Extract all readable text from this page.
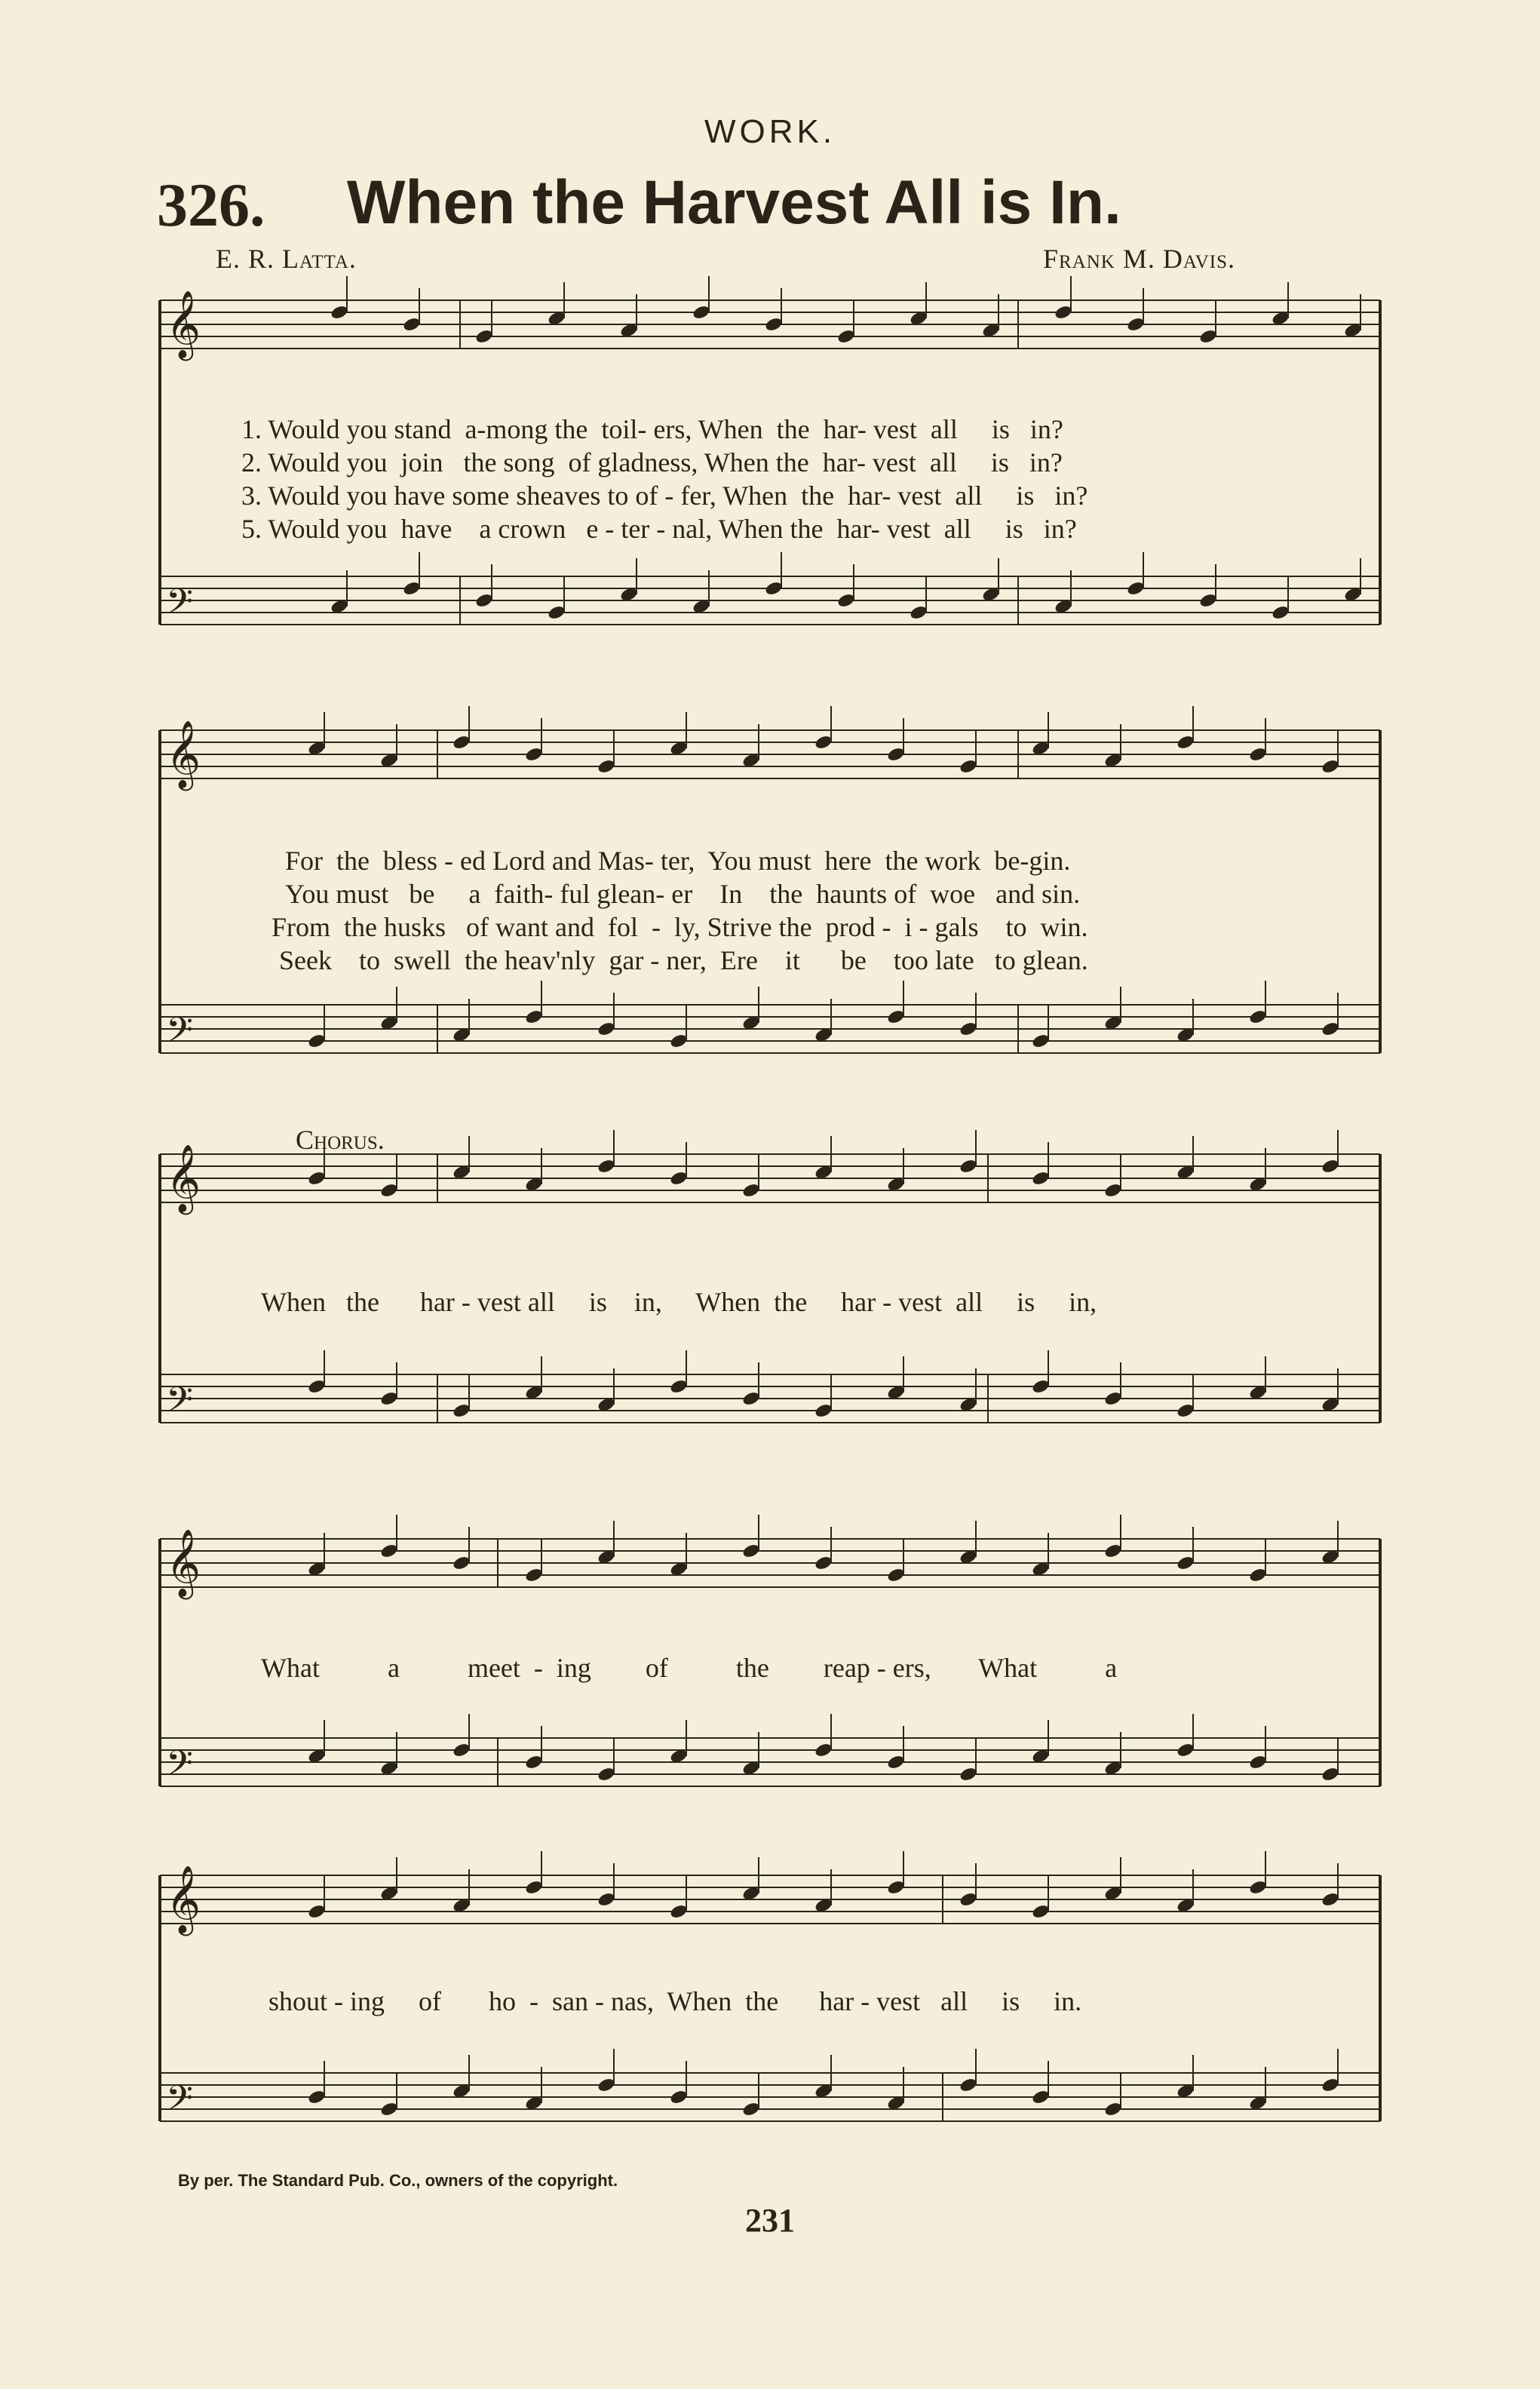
WORK.
326. When the Harvest All is In.
E. R. Latta.	Frank M. Davis.
𝄞
𝄢
𝄞
𝄢
𝄞
𝄢
𝄞
𝄢
𝄞
𝄢
1. Would you stand  a-mong the  toil- ers, When  the  har- vest  all     is   in?
2. Would you  join   the song  of gladness, When the  har- vest  all     is   in?
3. Would you have some sheaves to of - fer, When  the  har- vest  all     is   in?
5. Would you  have    a crown   e - ter - nal, When the  har- vest  all     is   in?
For  the  bless - ed Lord and Mas- ter,  You must  here  the work  be-gin.
You must   be     a  faith- ful glean- er    In    the  haunts of  woe   and sin.
From  the husks   of want and  fol  -  ly, Strive the  prod -  i - gals    to  win.
Seek    to  swell  the heav'nly  gar - ner,  Ere    it      be    too late   to glean.
Chorus.
When   the      har - vest all     is    in,     When  the     har - vest  all     is     in,
What          a          meet  -  ing        of          the        reap - ers,       What          a
shout - ing     of       ho  -  san - nas,  When  the      har - vest   all     is     in.
By per. The Standard Pub. Co., owners of the copyright.
231
